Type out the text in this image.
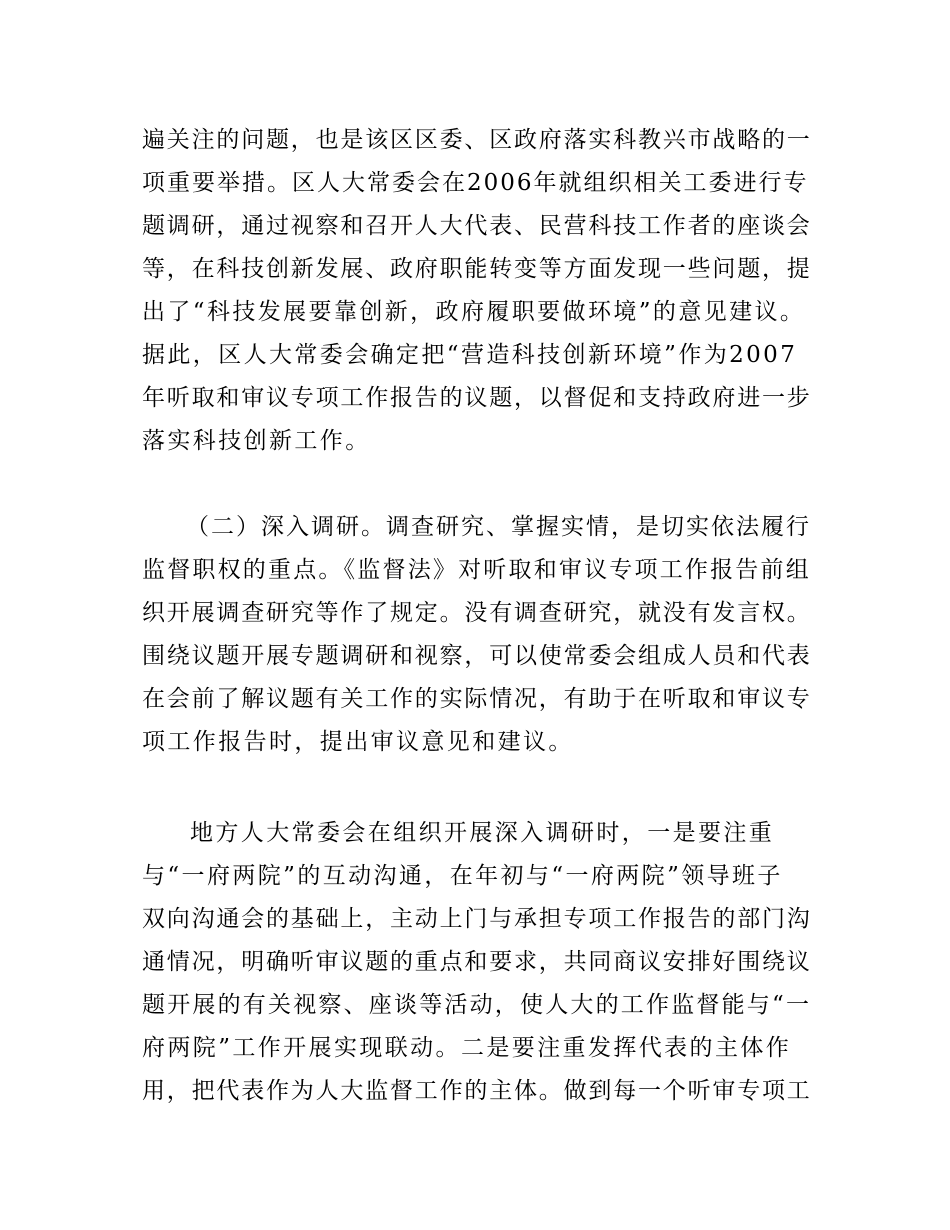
遍关注的问题，也是该区区委、区政府落实科教兴市战略的一
项重要举措。区人大常委会在2006年就组织相关工委进行专
题调研，通过视察和召开人大代表、民营科技工作者的座谈会
等，在科技创新发展、政府职能转变等方面发现一些问题，提
出了“科技发展要靠创新，政府履职要做环境”的意见建议。
据此，区人大常委会确定把“营造科技创新环境”作为2007
年听取和审议专项工作报告的议题，以督促和支持政府进一步
落实科技创新工作。
（二）深入调研。调查研究、掌握实情，是切实依法履行
监督职权的重点。《监督法》对听取和审议专项工作报告前组
织开展调查研究等作了规定。没有调查研究，就没有发言权。
围绕议题开展专题调研和视察，可以使常委会组成人员和代表
在会前了解议题有关工作的实际情况，有助于在听取和审议专
项工作报告时，提出审议意见和建议。
地方人大常委会在组织开展深入调研时，一是要注重
与“一府两院”的互动沟通，在年初与“一府两院”领导班子
双向沟通会的基础上，主动上门与承担专项工作报告的部门沟
通情况，明确听审议题的重点和要求，共同商议安排好围绕议
题开展的有关视察、座谈等活动，使人大的工作监督能与“一
府两院”工作开展实现联动。二是要注重发挥代表的主体作
用，把代表作为人大监督工作的主体。做到每一个听审专项工
